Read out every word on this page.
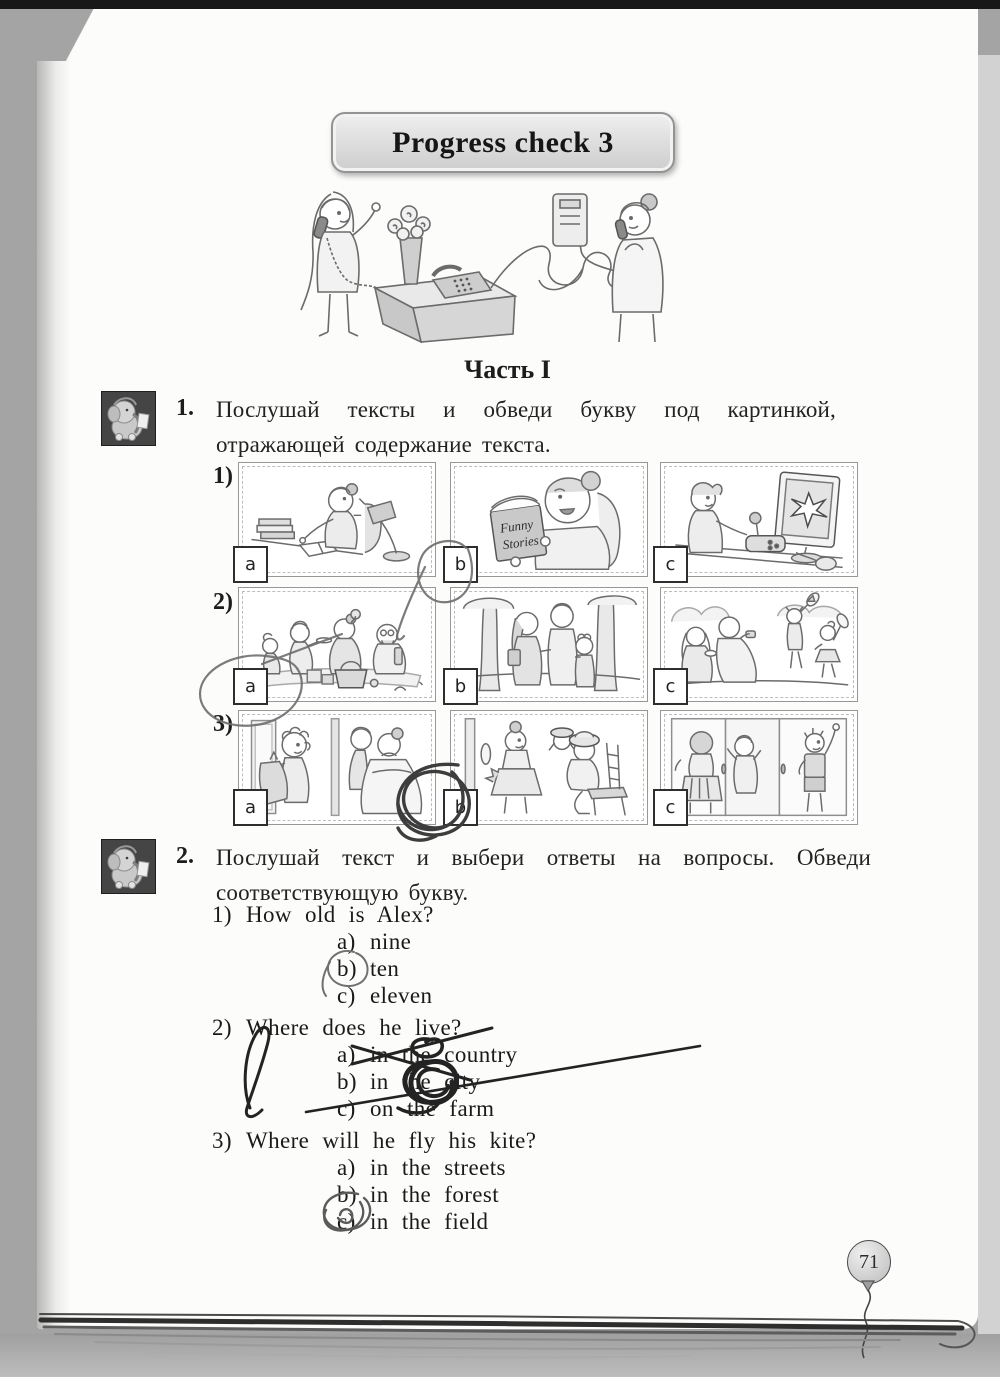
Progress check 3
Часть I
1. Послушай тексты и обведи букву под картинкой, отражающей содержание текста.
1)
Funny
Stories
a	b	c
2)
a	b	c
3)
a	b	c
2. Послушай текст и выбери ответы на вопросы. Обведи соответствующую букву.
1) How old is Alex?
a) nine
b) ten
c) eleven
2) Where does he live?
a) in the country
b) in the city
c) on the farm
3) Where will he fly his kite?
a) in the streets
b) in the forest
c) in the field
71
